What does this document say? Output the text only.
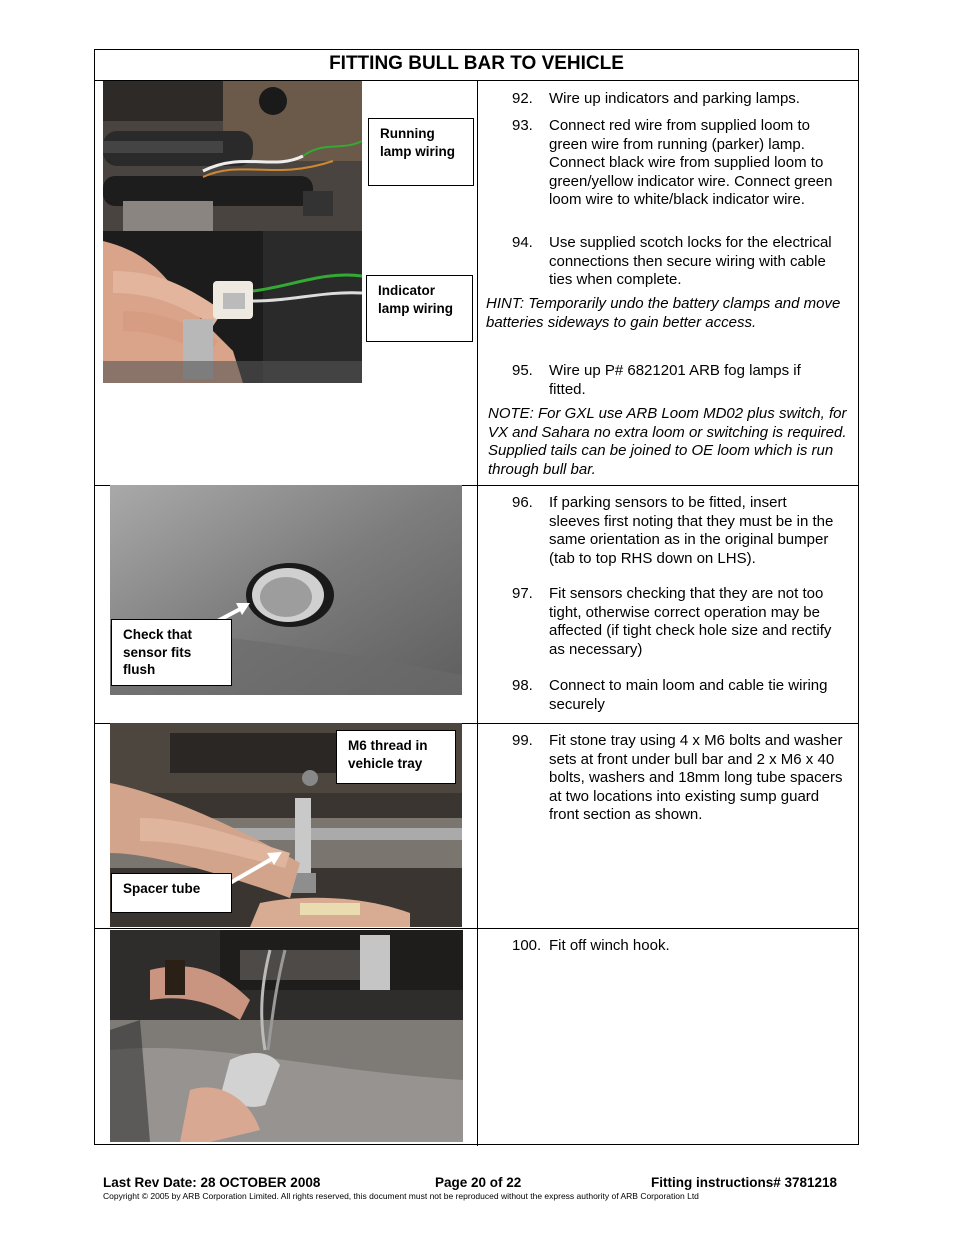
FITTING BULL BAR TO VEHICLE
Running lamp wiring
Indicator lamp wiring
Check that sensor fits flush
M6 thread in vehicle tray
Spacer tube
92. Wire up indicators and parking lamps.
93. Connect red wire from supplied loom to green wire from running (parker) lamp. Connect black wire from supplied loom to green/yellow indicator wire. Connect green loom wire to white/black indicator wire.
94. Use supplied scotch locks for the electrical connections then secure wiring with cable ties when complete.
HINT: Temporarily undo the battery clamps and move batteries sideways to gain better access.
95. Wire up P# 6821201 ARB fog lamps if fitted.
NOTE: For GXL use ARB Loom MD02 plus switch, for VX and Sahara no extra loom or switching is required. Supplied tails can be joined to OE loom which is run through bull bar.
96. If parking sensors to be fitted, insert sleeves first noting that they must be in the same orientation as in the original bumper (tab to top RHS down on LHS).
97. Fit sensors checking that they are not too tight, otherwise correct operation may be affected (if tight check hole size and rectify as necessary)
98. Connect to main loom and cable tie wiring securely
99. Fit stone tray using 4 x M6 bolts and washer sets at front under bull bar and 2 x M6 x 40 bolts, washers and 18mm long tube spacers at two locations into existing sump guard front section as shown.
100. Fit off winch hook.
Last Rev Date: 28 OCTOBER 2008	Page 20 of 22	Fitting instructions# 3781218
Copyright © 2005 by ARB Corporation Limited. All rights reserved, this document must not be reproduced without the express authority of ARB Corporation Ltd
